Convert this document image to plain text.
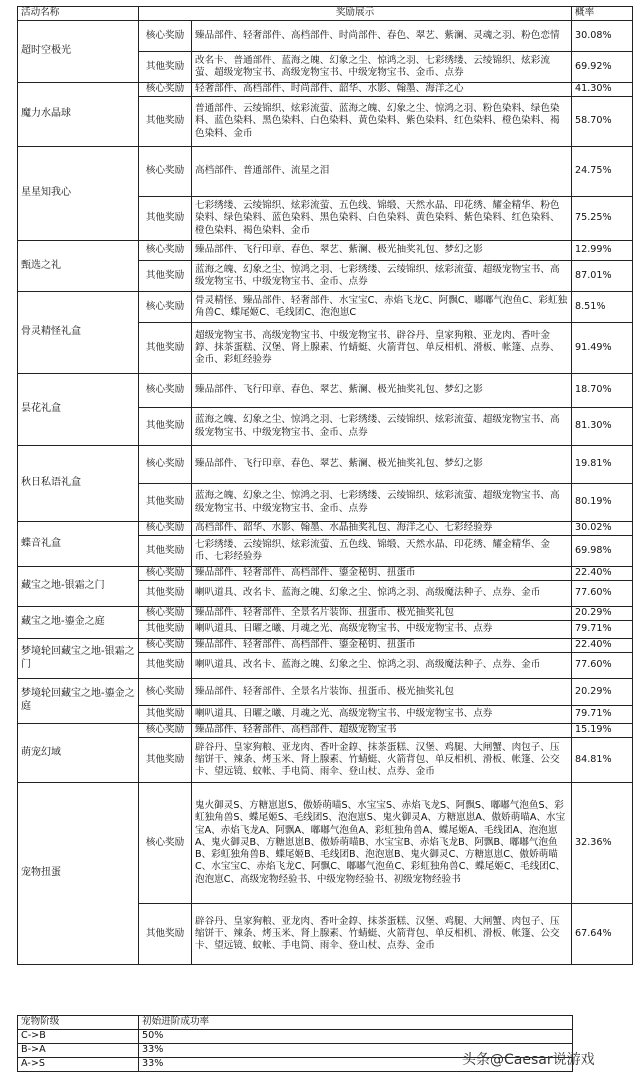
活动名称	奖励展示		概率
超时空极光	核心奖励	臻品部件、轻奢部件、高档部件、时尚部件、春色、翠艺、紫澜、灵魂之羽、粉色恋情	30.08%
	其他奖励	改名卡、普通部件、蓝海之魄、幻象之尘、惊鸿之羽、七彩绣缕、云绫锦织、炫彩流萤、超级宠物宝书、高级宠物宝书、中级宠物宝书、金币、点券	69.92%
魔力水晶球	核心奖励	轻奢部件、高档部件、时尚部件、韶华、水影、翰墨、海洋之心	41.30%
	其他奖励	普通部件、云绫锦织、炫彩流萤、蓝海之魄、幻象之尘、惊鸿之羽、粉色染料、绿色染料、蓝色染料、黑色染料、白色染料、黄色染料、紫色染料、红色染料、橙色染料、褐色染料、金币	58.70%
星星知我心	核心奖励	高档部件、普通部件、流星之泪	24.75%
	其他奖励	七彩绣缕、云绫锦织、炫彩流萤、五色线、锦缎、天然水晶、印花绣、耀金精华、粉色染料、绿色染料、蓝色染料、黑色染料、白色染料、黄色染料、紫色染料、红色染料、橙色染料、褐色染料、金币	75.25%
甄选之礼	核心奖励	臻品部件、飞行印章、春色、翠艺、紫澜、极光抽奖礼包、梦幻之影	12.99%
	其他奖励	蓝海之魄、幻象之尘、惊鸿之羽、七彩绣缕、云绫锦织、炫彩流萤、超级宠物宝书、高级宠物宝书、中级宠物宝书、金币、点券	87.01%
骨灵精怪礼盒	核心奖励	骨灵精怪、臻品部件、轻奢部件、水宝宝C、赤焰飞龙C、阿飘C、嘟嘟气泡鱼C、彩虹独角兽C、蝶尾姬C、毛线团C、泡泡崽C	8.51%
	其他奖励	超级宠物宝书、高级宠物宝书、中级宠物宝书、辟谷丹、皇家狗粮、亚龙肉、香叶金錞、抹茶蛋糕、汉堡、肾上腺素、竹蜻蜓、火箭背包、单反相机、滑板、帐篷、点券、金币、彩虹经验券	91.49%
昙花礼盒	核心奖励	臻品部件、飞行印章、春色、翠艺、紫澜、极光抽奖礼包、梦幻之影	18.70%
	其他奖励	蓝海之魄、幻象之尘、惊鸿之羽、七彩绣缕、云绫锦织、炫彩流萤、超级宠物宝书、高级宠物宝书、中级宠物宝书、金币、点券	81.30%
秋日私语礼盒	核心奖励	臻品部件、飞行印章、春色、翠艺、紫澜、极光抽奖礼包、梦幻之影	19.81%
	其他奖励	蓝海之魄、幻象之尘、惊鸿之羽、七彩绣缕、云绫锦织、炫彩流萤、超级宠物宝书、高级宠物宝书、中级宠物宝书、金币、点券	80.19%
蝶音礼盒	核心奖励	高档部件、韶华、水影、翰墨、水晶抽奖礼包、海洋之心、七彩经验券	30.02%
	其他奖励	七彩绣缕、云绫锦织、炫彩流萤、五色线、锦缎、天然水晶、印花绣、耀金精华、金币、七彩经验券	69.98%
藏宝之地-银霜之门	核心奖励	臻品部件、轻奢部件、高档部件、鎏金秘钥、扭蛋币	22.40%
	其他奖励	喇叭道具、改名卡、蓝海之魄、幻象之尘、惊鸿之羽、高级魔法种子、点券、金币	77.60%
藏宝之地-鎏金之庭	核心奖励	臻品部件、轻奢部件、全景名片装饰、扭蛋币、极光抽奖礼包	20.29%
	其他奖励	喇叭道具、日曜之曦、月魂之光、高级宠物宝书、中级宠物宝书、点券	79.71%
梦境轮回藏宝之地-银霜之门	核心奖励	臻品部件、轻奢部件、高档部件、鎏金秘钥、扭蛋币	22.40%
	其他奖励	喇叭道具、改名卡、蓝海之魄、幻象之尘、惊鸿之羽、高级魔法种子、点券、金币	77.60%
梦境轮回藏宝之地-鎏金之庭	核心奖励	臻品部件、轻奢部件、全景名片装饰、扭蛋币、极光抽奖礼包	20.29%
	其他奖励	喇叭道具、日曜之曦、月魂之光、高级宠物宝书、中级宠物宝书、点券	79.71%
萌宠幻域	核心奖励	臻品部件、轻奢部件、高档部件、超级宠物宝书	15.19%
	其他奖励	辟谷丹、皇家狗粮、亚龙肉、香叶金錞、抹茶蛋糕、汉堡、鸡腿、大闸蟹、肉包子、压缩饼干、辣条、烤玉米、肾上腺素、竹蜻蜓、火箭背包、单反相机、滑板、帐篷、公交卡、望远镜、蚊帐、手电筒、雨伞、登山杖、点券、金币	84.81%
宠物扭蛋	核心奖励	鬼火御灵S、方糖崽崽S、傲娇萌喵S、水宝宝S、赤焰飞龙S、阿飘S、嘟嘟气泡鱼S、彩虹独角兽S、蝶尾姬S、毛线团S、泡泡崽S、鬼火御灵A、方糖崽崽A、傲娇萌喵A、水宝宝A、赤焰飞龙A、阿飘A、嘟嘟气泡鱼A、彩虹独角兽A、蝶尾姬A、毛线团A、泡泡崽A、鬼火御灵B、方糖崽崽B、傲娇萌喵B、水宝宝B、赤焰飞龙B、阿飘B、嘟嘟气泡鱼B、彩虹独角兽B、蝶尾姬B、毛线团B、泡泡崽B、鬼火御灵C、方糖崽崽C、傲娇萌喵C、水宝宝C、赤焰飞龙C、阿飘C、嘟嘟气泡鱼C、彩虹独角兽C、蝶尾姬C、毛线团C、泡泡崽C、高级宠物经验书、中级宠物经验书、初级宠物经验书	32.36%
	其他奖励	辟谷丹、皇家狗粮、亚龙肉、香叶金錞、抹茶蛋糕、汉堡、鸡腿、大闸蟹、肉包子、压缩饼干、辣条、烤玉米、肾上腺素、竹蜻蜓、火箭背包、单反相机、滑板、帐篷、公交卡、望远镜、蚊帐、手电筒、雨伞、登山杖、点券、金币	67.64%
宠物阶级	初始进阶成功率
C->B	50%
B->A	33%
A->S	33%	头条@Caesar说游戏
